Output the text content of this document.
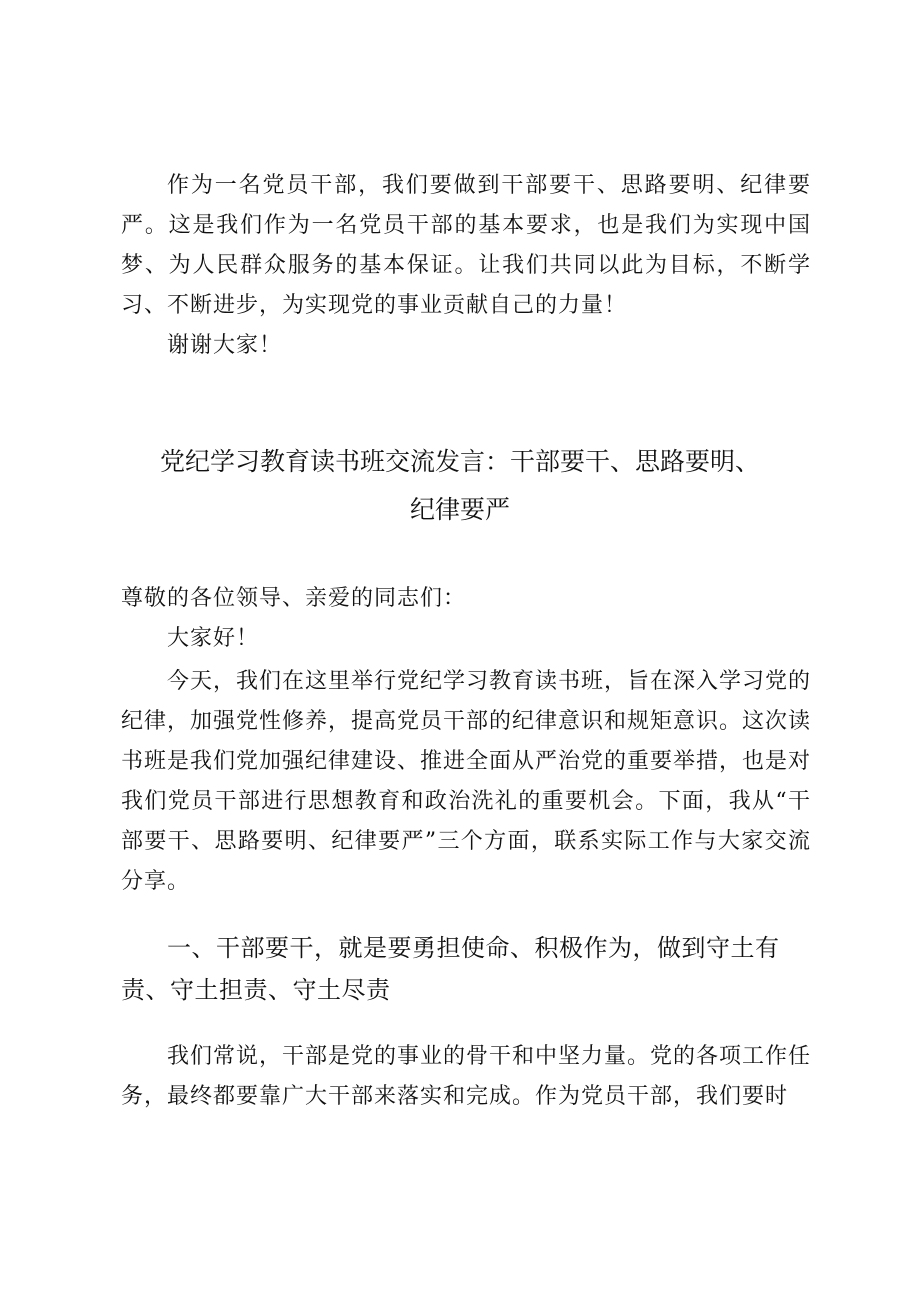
作为一名党员干部，我们要做到干部要干、思路要明、纪律要严。这是我们作为一名党员干部的基本要求，也是我们为实现中国梦、为人民群众服务的基本保证。让我们共同以此为目标，不断学习、不断进步，为实现党的事业贡献自己的力量！

谢谢大家！

党纪学习教育读书班交流发言：干部要干、思路要明、
纪律要严

尊敬的各位领导、亲爱的同志们：

大家好！

今天，我们在这里举行党纪学习教育读书班，旨在深入学习党的纪律，加强党性修养，提高党员干部的纪律意识和规矩意识。这次读书班是我们党加强纪律建设、推进全面从严治党的重要举措，也是对我们党员干部进行思想教育和政治洗礼的重要机会。下面，我从“干部要干、思路要明、纪律要严”三个方面，联系实际工作与大家交流分享。

一、干部要干，就是要勇担使命、积极作为，做到守土有责、守土担责、守土尽责

我们常说，干部是党的事业的骨干和中坚力量。党的各项工作任务，最终都要靠广大干部来落实和完成。作为党员干部，我们要时
